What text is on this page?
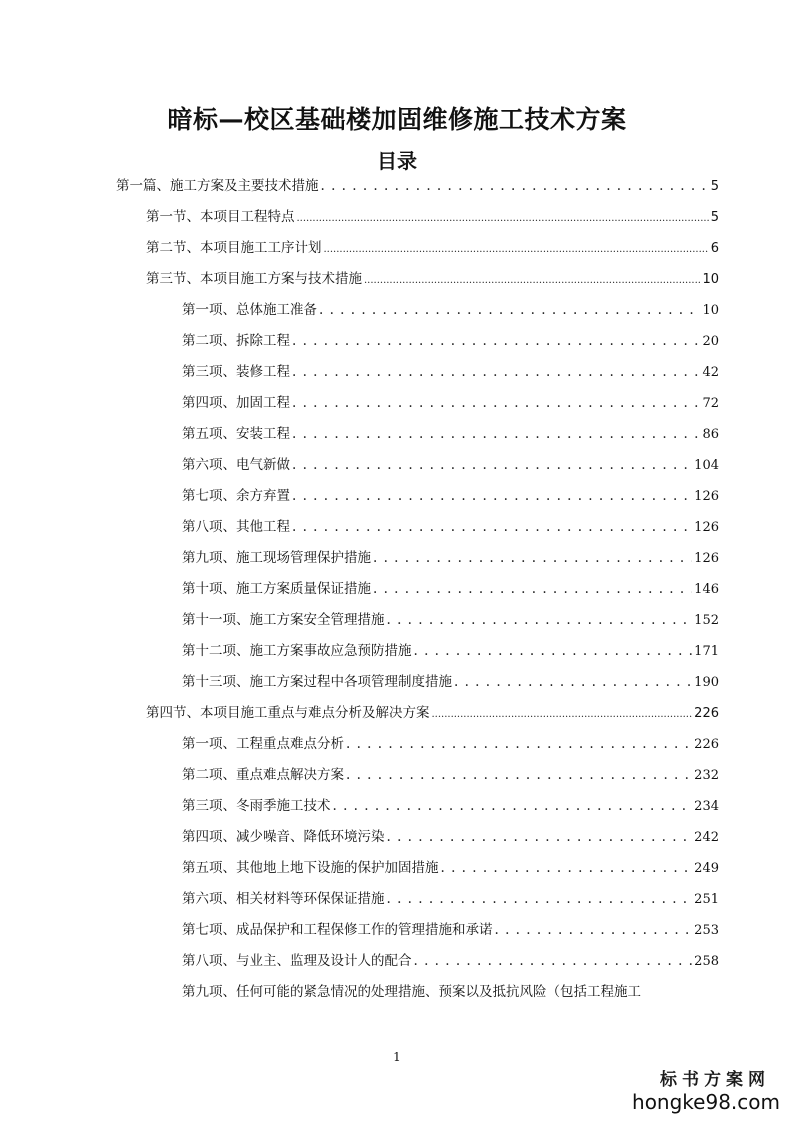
暗标—校区基础楼加固维修施工技术方案
目录
第一篇、施工方案及主要技术措施 . . .	5
第一节、本项目工程特点 .....	5
第二节、本项目施工工序计划 .....	6
第三节、本项目施工方案与技术措施 .....	10
第一项、总体施工准备 . . .	10
第二项、拆除工程 . . .	20
第三项、装修工程 . . .	42
第四项、加固工程 . . .	72
第五项、安装工程 . . .	86
第六项、电气新做 . . .	104
第七项、余方弃置 . . .	126
第八项、其他工程 . . .	126
第九项、施工现场管理保护措施 . . .	126
第十项、施工方案质量保证措施 . . .	146
第十一项、施工方案安全管理措施 . . .	152
第十二项、施工方案事故应急预防措施 . . .	171
第十三项、施工方案过程中各项管理制度措施 . . .	190
第四节、本项目施工重点与难点分析及解决方案 .....	226
第一项、工程重点难点分析 . . .	226
第二项、重点难点解决方案 . . .	232
第三项、冬雨季施工技术 . . .	234
第四项、减少噪音、降低环境污染 . . .	242
第五项、其他地上地下设施的保护加固措施 . . .	249
第六项、相关材料等环保保证措施 . . .	251
第七项、成品保护和工程保修工作的管理措施和承诺 . . .	253
第八项、与业主、监理及设计人的配合 . . .	258
第九项、任何可能的紧急情况的处理措施、预案以及抵抗风险（包括工程施工
1
标书方案网
hongke98.com
